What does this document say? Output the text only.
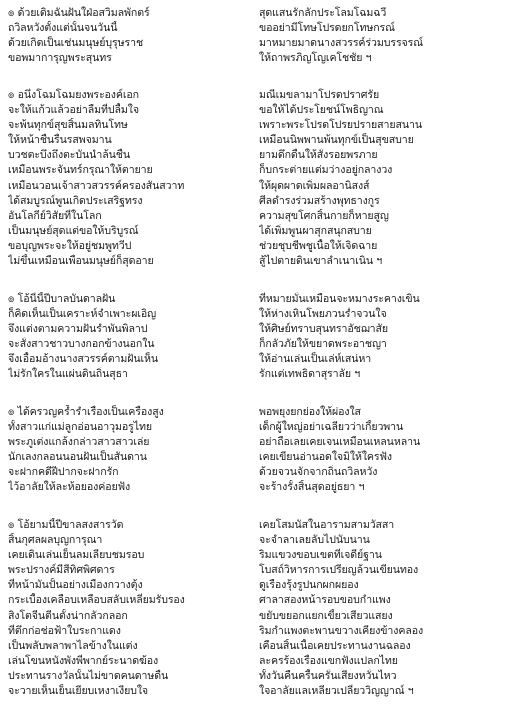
๏ ด้วยเดิมฉันฝันใฝ่อสวิมลพักตร์
ถวิลหวังตั้งแต่นั้นจนวันนี้
ด้วยเกิดเป็นเช่นมนุษย์บุรุษราช
ขอพมาการุญพระสุนทร
สุดแสนรักลักประโลมโฉมฉวี
ขออย่ามีโทษโปรดยกโทษกรณ์
มาหมายมาดนางสวรรค์ร่วมบรรจรณ์
ให้ถาพรภิญโญเคโชชัย ฯ
๏ อนึ่งโฉมโฉมยงพระองค์เอก
จะให้แก้วแล้วอย่าลืมที่ปลื้มใจ
จะพ้นทุกข์สุขสิ้นมลทินโทษ
ให้หน้าชื่นรื่นรสพจมาน
บวชตะบึงถึงตะบันนำล้นชื่น
เหมือนพระจันทร์กรุณาให้ตายาย
เหมือนวอนเจ้าสาวสวรรค์ครองสันสวาท
ได้สมบูรณ์พูนเกิดประเสริฐทรง
อันโลกีย์วิสัยที่ในโลก
เป็นมนุษย์สุดแต่ขอให้บริบูรณ์
ขอบุญพระจะให้อยู่ชมพูทวีป
ไม่ขึ้นเหมือนเพื่อนมนุษย์ก็สุดอาย
มณีเมขลามาโปรดปราศรัย
ขอให้ได้ประโยชน์โพธิญาณ
เพราะพระโปรดโปรยปรายสายสนาน
เหมือนนิพพานพ้นทุกข์เป็นสุขสบาย
ยามดึกดื่นให้สั่งรอยพรภาย
ก็บกระต่ายแต่มว่างอยู่กลางวง
ให้ผุดผาดเพิ่มผลอานิสงส์
ศีลดำรงร่วมสร้างพุทธางกูร
ความสุขโศกสิ้นกายก็หายสูญ
ได้เพิ่มพูนผาสุกสนุกสบาย
ช่วยชุบชีพชูเนื้อให้เจิดฉาย
สู้ไปตายดินเขาลำเนาเนิน ฯ
๏ โอ้นี่นี้ปีบาลบันดาลฝัน
ก็คิดเห็นเป็นเคราะห์จำเพาะผเอิญ
จึงแต่งตามความฝันรำพันพิลาป
จะสั่งสาวชาวบางกอกข้างนอกใน
จึงเอื้อมอ้างนางสวรรค์ตามฝันเห็น
ไม่รักใครในแผ่นดินถิ่นสุธา
ที่หมายมั่นเหมือนจะหมางระคางเขิน
ให้ห่างเหินโพยภวนร่ำจวนใจ
ให้ศิษย์ทราบสุนทราอัชฌาสัย
ก็กลัวภัยให้ขยาดพระอาชญา
ให้อ่านเล่นเป็นเล่ห์เสน่หา
รักแต่เทพธิดาสุราลัย ฯ
๏ ได้ครวญครั่ำรำเรื่องเป็นเครื่องสูง
ทั้งสาวแก่แม่ลูกอ่อนอาวุมอรูไทย
พระภูเต่งแกล้งกล่าวสาวสาวเล่ย
นักเลงกลอนนอนฝันเป็นสันดาน
จะฝากคดีฝีปากจะฝากรัก
ไว้อาลัยให้ละห้อยองค่อยฟัง
พอพยุงยกย่องให้ผ่องใส
เด็กผู้ใหญ่อย่าเฉลียวว่าเกี้ยวพาน
อย่าถือเลยเคยเจนเหมือนเหลนหลาน
เคยเขียนอ่านอดใจมิให้ใครฟัง
ด้วยจวนจักจากถิ่นถวิลหวัง
จะร้างรั้งสิ้นสุดอยู่ธยา ฯ
๏ โอ้ยามนี้ปีขาลสงสารวัด
สิ้นกุศลผลบุญการุณา
เคยเดินเล่นเย็นลมเลียบชมรอบ
พระปรางค์มีสีทิศพิศดาร
ที่หน้ามันปั้นอย่างเมืองกวางตุ้ง
กระเบื้องเคลือบเหลือบสลับเหลี่ยมรับรอง
สิงโตจีนตีนตั้งน่ากลัวกลอก
ที่ตึกก่อช่อฟ้าใบระกาแดง
เป็นพลับพลาพาไลข้างในแต่ง
เล่นโขนหนังพังพี่พากย์ระนาดฆ้อง
ประทานรางวัลนั้นไม่ขาดคนดาษดื่น
จะวายเห็นเย็นเยียบเหงาเงียบใจ
เคยโสมนัสในอารามสามวัสสา
จะจำลาเลยลับไปนับนาน
ริมแขวงขอบเขตที่เจดีย์ฐาน
โบสถ์วิหารการเปรียญล้วนเขียนทอง
ดูเรืองรุ้งรูปนกผกผยอง
ศาลาสองหน้ารอบขอบกำแพง
ขยับขยอกแยกเขี้ยวเสียวแสยง
ริมกำแพงตะพานขวางเคียงข้างคลอง
เคือนสิ้นเนื้อเคยประทานงานฉลอง
ละครร้องเรื่องแขกฟังแปลกไทย
ทั้งวันคืนครื้นครั่นเสียงหวั่นไหว
ใจอาลัยแลเหลียวเปลี่ยววิญญาณ์ ฯ
